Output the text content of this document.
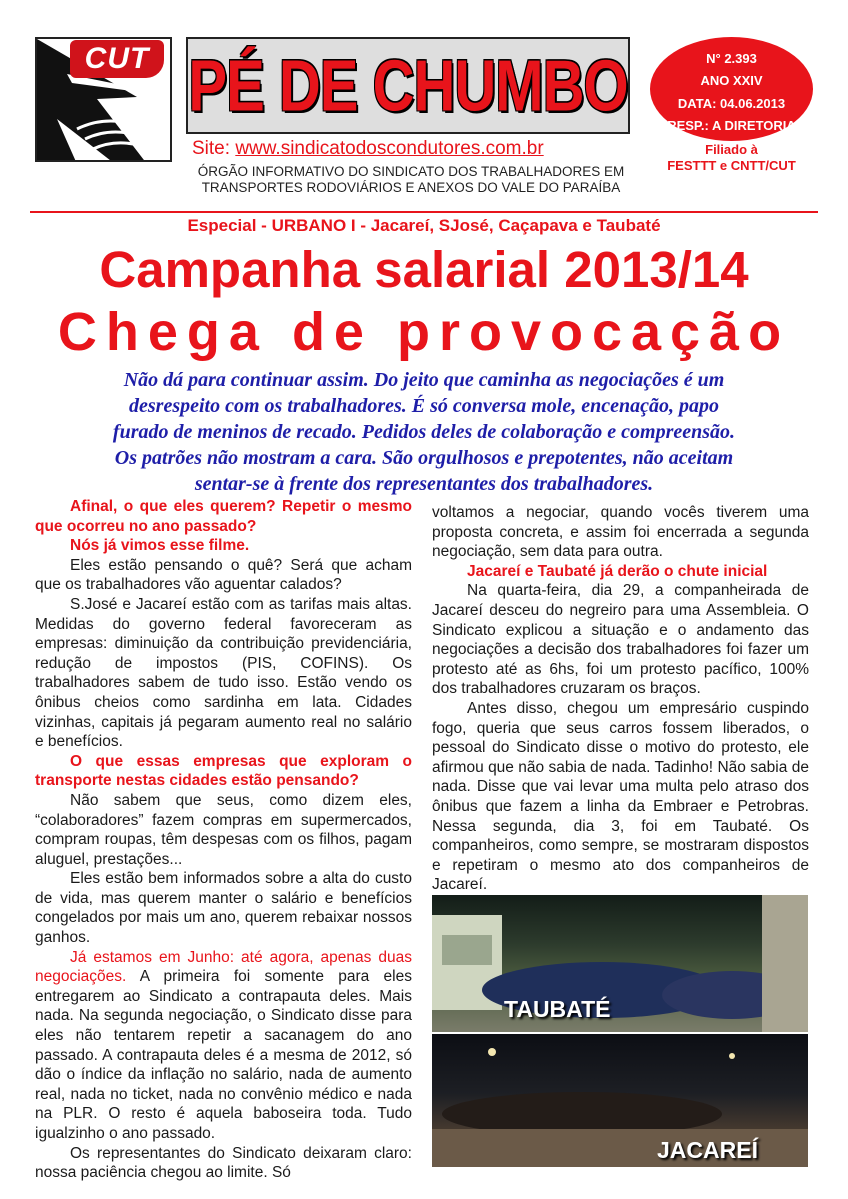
CUT PÉ DE CHUMBO
Site: www.sindicatodoscondutores.com.br
ÓRGÃO INFORMATIVO DO SINDICATO DOS TRABALHADORES EM
TRANSPORTES RODOVIÁRIOS E ANEXOS DO VALE DO PARAÍBA
N° 2.393
ANO XXIV
DATA: 04.06.2013
RESP.: A DIRETORIA
Filiado à
FESTTT e CNTT/CUT
Especial - URBANO I - Jacareí, SJosé, Caçapava e Taubaté
Campanha salarial 2013/14
Chega de provocação
Não dá para continuar assim. Do jeito que caminha as negociações é um
desrespeito com os trabalhadores. É só conversa mole, encenação, papo
furado de meninos de recado. Pedidos deles de colaboração e compreensão.
Os patrões não mostram a cara. São orgulhosos e prepotentes, não aceitam
sentar-se à frente dos representantes dos trabalhadores.

Afinal, o que eles querem? Repetir o mesmo que ocorreu no ano passado?

Nós já vimos esse filme.

Eles estão pensando o quê? Será que acham que os trabalhadores vão aguentar calados?

S.José e Jacareí estão com as tarifas mais altas. Medidas do governo federal favoreceram as empresas: diminuição da contribuição previdenciária, redução de impostos (PIS, COFINS). Os trabalhadores sabem de tudo isso. Estão vendo os ônibus cheios como sardinha em lata. Cidades vizinhas, capitais já pegaram aumento real no salário e benefícios.

O que essas empresas que exploram o transporte nestas cidades estão pensando?

Não sabem que seus, como dizem eles, “colaboradores” fazem compras em supermercados, compram roupas, têm despesas com os filhos, pagam aluguel, prestações...

Eles estão bem informados sobre a alta do custo de vida, mas querem manter o salário e benefícios congelados por mais um ano, querem rebaixar nossos ganhos.

Já estamos em Junho: até agora, apenas duas negociações. A primeira foi somente para eles entregarem ao Sindicato a contrapauta deles. Mais nada. Na segunda negociação, o Sindicato disse para eles não tentarem repetir a sacanagem do ano passado. A contrapauta deles é a mesma de 2012, só dão o índice da inflação no salário, nada de aumento real, nada no ticket, nada no convênio médico e nada na PLR. O resto é aquela baboseira toda. Tudo igualzinho o ano passado.

Os representantes do Sindicato deixaram claro: nossa paciência chegou ao limite. Só

voltamos a negociar, quando vocês tiverem uma proposta concreta, e assim foi encerrada a segunda negociação, sem data para outra.

Jacareí e Taubaté já derão o chute inicial

Na quarta-feira, dia 29, a companheirada de Jacareí desceu do negreiro para uma Assembleia. O Sindicato explicou a situação e o andamento das negociações a decisão dos trabalhadores foi fazer um protesto até as 6hs, foi um protesto pacífico, 100% dos trabalhadores cruzaram os braços.

Antes disso, chegou um empresário cuspindo fogo, queria que seus carros fossem liberados, o pessoal do Sindicato disse o motivo do protesto, ele afirmou que não sabia de nada. Tadinho! Não sabia de nada. Disse que vai levar uma multa pelo atraso dos ônibus que fazem a linha da Embraer e Petrobras. Nessa segunda, dia 3, foi em Taubaté. Os companheiros, como sempre, se mostraram dispostos e repetiram o mesmo ato dos companheiros de Jacareí.

TAUBATÉ
JACAREÍ
